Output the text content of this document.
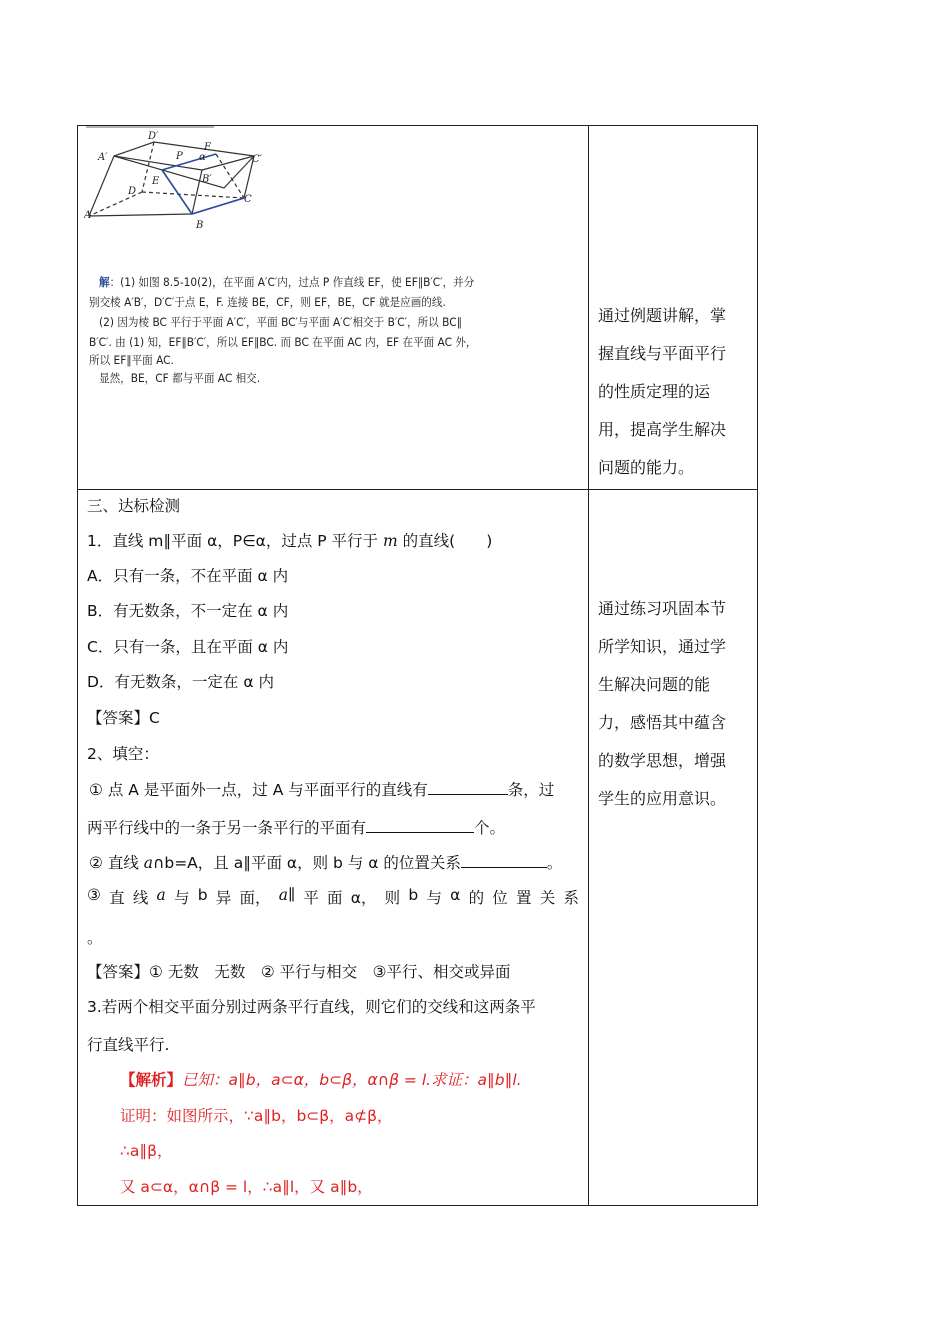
D′
F
A′	P α	C′
E	B′
D
C
A
B
解：(1) 如图 8.5-10(2)，在平面 A′C′内，过点 P 作直线 EF，使 EF∥B′C′，并分
别交棱 A′B′，D′C′于点 E，F. 连接 BE，CF，则 EF，BE，CF 就是应画的线.
(2) 因为棱 BC 平行于平面 A′C′，平面 BC′与平面 A′C′相交于 B′C′，所以 BC∥
B′C′. 由 (1) 知，EF∥B′C′，所以 EF∥BC. 而 BC 在平面 AC 内，EF 在平面 AC 外，
所以 EF∥平面 AC.
显然，BE，CF 都与平面 AC 相交.
通过例题讲解，掌
握直线与平面平行
的性质定理的运
用，提高学生解决
问题的能力。
通过练习巩固本节
所学知识，通过学
生解决问题的能
力，感悟其中蕴含
的数学思想，增强
学生的应用意识。
三、达标检测
1．直线 m∥平面 α，P∈α，过点 P 平行于 m 的直线(　　)
A．只有一条，不在平面 α 内
B．有无数条，不一定在 α 内
C．只有一条，且在平面 α 内
D．有无数条，一定在 α 内
【答案】C
2、填空：
① 点 A 是平面外一点，过 A 与平面平行的直线有	条，过
两平行线中的一条于另一条平行的平面有	个。
② 直线 a∩b=A，且 a∥平面 α，则 b 与 α 的位置关系	。
③ 直 线 a 与 b 异 面， a∥ 平 面 α， 则 b 与 α 的 位 置 关 系
。
【答案】① 无数　无数　② 平行与相交　③平行、相交或异面
3.若两个相交平面分别过两条平行直线，则它们的交线和这两条平
行直线平行.
【解析】已知：a∥b，a⊂α，b⊂β，α∩β = l.求证：a∥b∥l.
证明：如图所示，∵a∥b，b⊂β，a⊄β，
∴a∥β，
又 a⊂α，α∩β = l，∴a∥l，又 a∥b，
